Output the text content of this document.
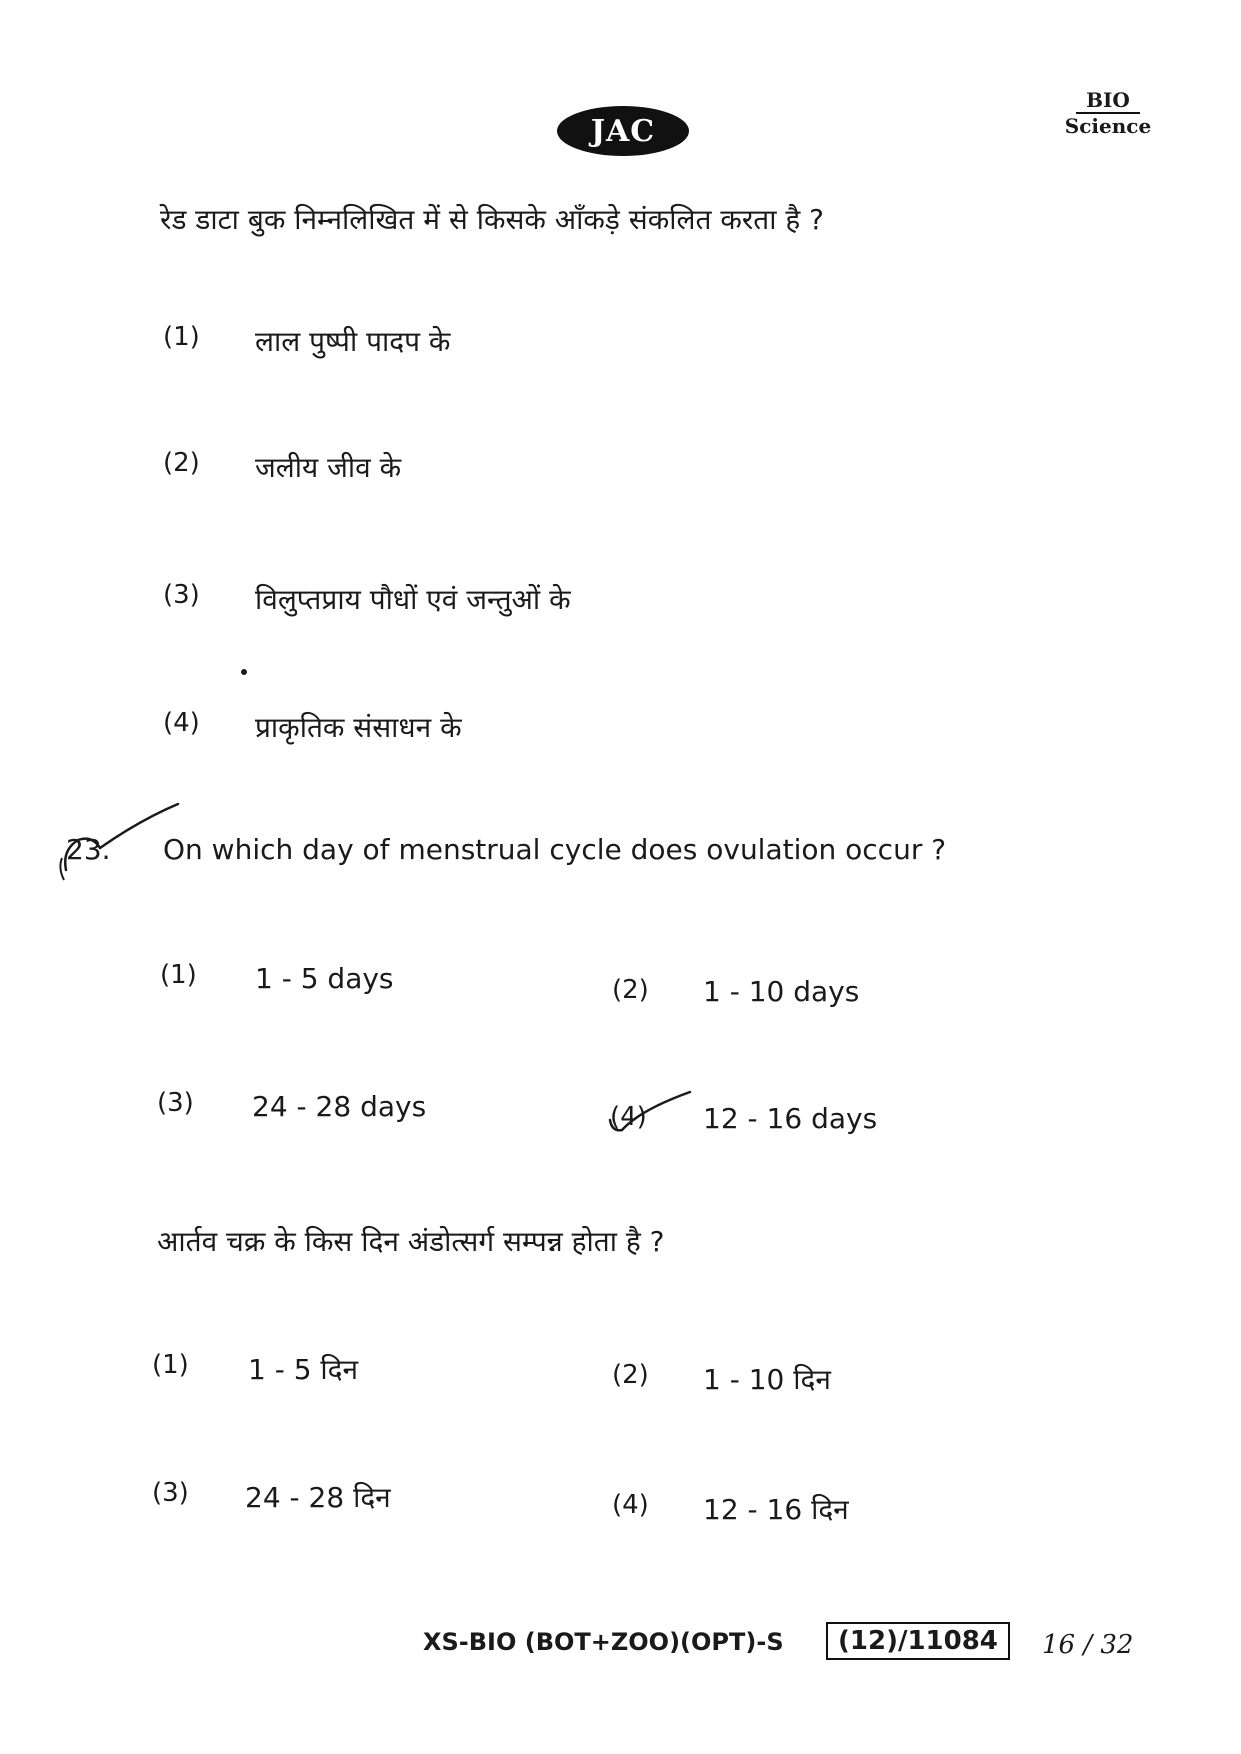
JAC
BIO
Science
रेड डाटा बुक निम्नलिखित में से किसके आँकड़े संकलित करता है ?
(1) लाल पुष्पी पादप के
(2) जलीय जीव के
(3) विलुप्तप्राय पौधों एवं जन्तुओं के
(4) प्राकृतिक संसाधन के
23. On which day of menstrual cycle does ovulation occur ?
(1) 1 - 5 days	(2) 1 - 10 days
(3) 24 - 28 days	(4) 12 - 16 days
आर्तव चक्र के किस दिन अंडोत्सर्ग सम्पन्न होता है ?
(1) 1 - 5 दिन	(2) 1 - 10 दिन
(3) 24 - 28 दिन	(4) 12 - 16 दिन
XS-BIO (BOT+ZOO)(OPT)-S	(12)/11084	16 / 32
